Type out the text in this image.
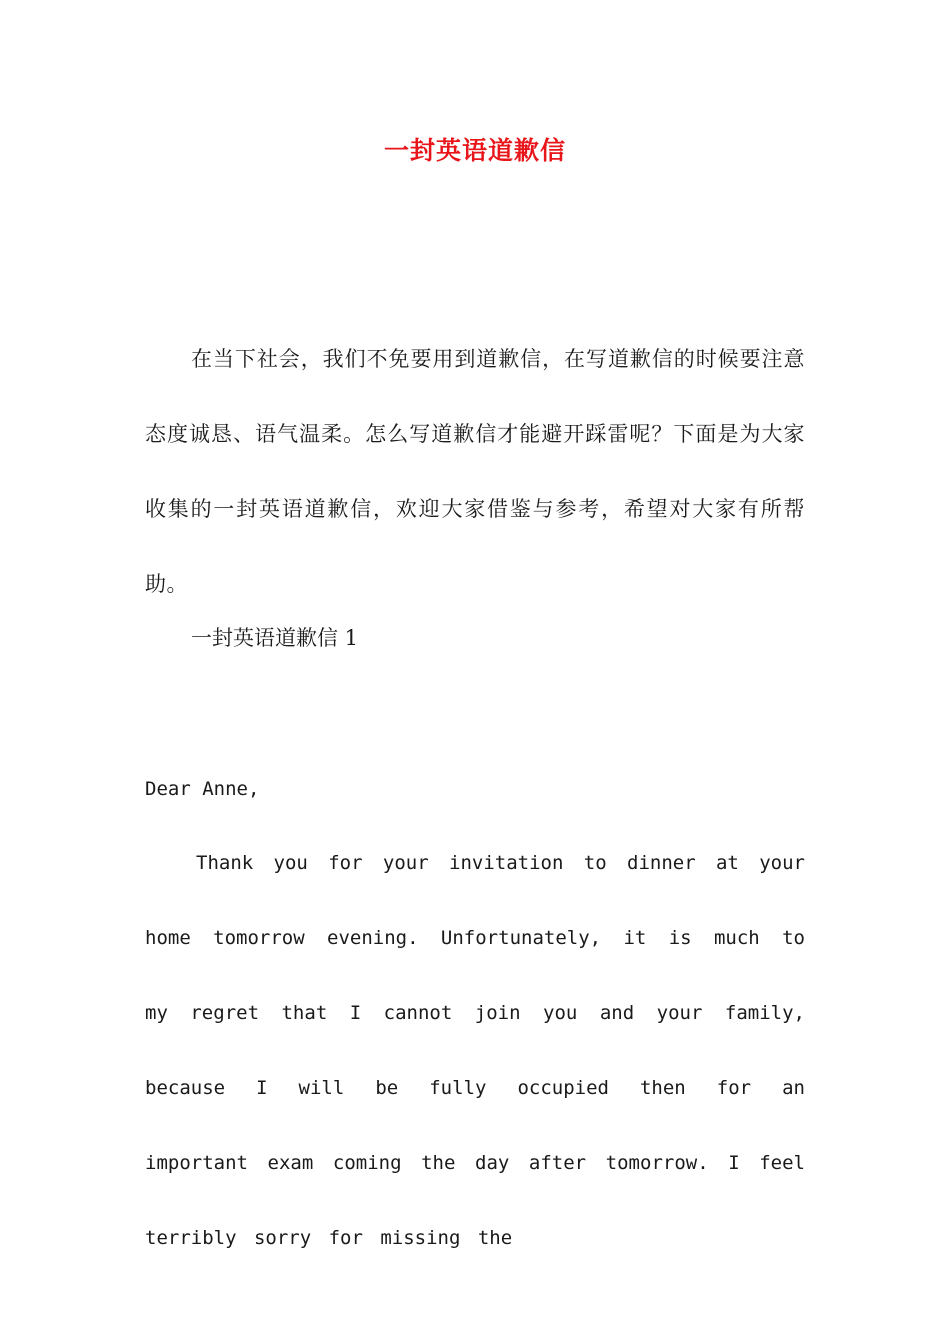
一封英语道歉信
在当下社会，我们不免要用到道歉信，在写道歉信的时候要注意态度诚恳、语气温柔。怎么写道歉信才能避开踩雷呢？下面是为大家收集的一封英语道歉信，欢迎大家借鉴与参考，希望对大家有所帮助。
一封英语道歉信 1
Dear Anne,
Thank you for your invitation to dinner at your home tomorrow evening. Unfortunately, it is much to my regret that I cannot join you and your family, because I will be fully occupied then for an important exam coming the day after tomorrow. I feel terribly sorry for missing the
